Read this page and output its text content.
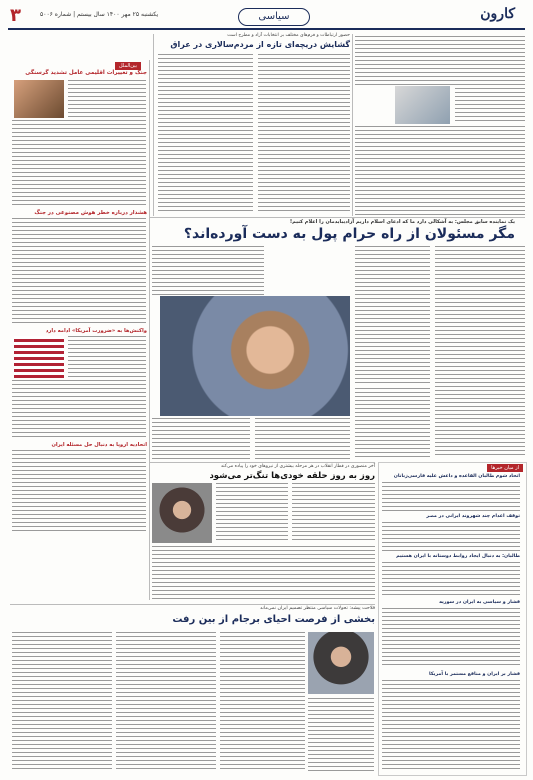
۳	یکشنبه ۲۵ مهر ۱۴۰۰ سال بیستم | شماره ۵۰۰۶	سیاسی	کارون
حضور ارتباطات و فرم‌های مختلف بر انتخابات آزاد و مطرح است
گشایش دریچه‌ای تازه از مردم‌سالاری در عراق
بین‌الملل
جنگ و تغییرات اقلیمی عامل تشدید گرسنگی
هشدار درباره خطر هوش مصنوعی در جنگ
واکنش‌ها به «ضرورت آمریکا» ادامه دارد
اتحادیه اروپا به دنبال حل مسئله ایران
یک نماینده سابق مجلس: به آشکالی دارد ما که ادعای اسلام داریم آزادیبایدمان را اعلام کنیم!
مگر مسئولان از راه حرام پول به دست آورده‌اند؟
آخر منصوری در قطار انقلاب در هر مرحله بیشتری از نیروهای خود را پیاده می‌کند
روز به روز حلقه خودی‌ها تنگ‌تر می‌شود
از میان خبرها
اتحاد شوم طالبان القاعده و داعش علیه فارسی‌زبانان
توقف اعدام چند شهروند ایرانی در مصر
طالبان: به دنبال ایجاد روابط دوستانه با ایران هستیم
فشار و سیاسی به ایران در سوریه
فشار بر ایران و منافع مستمر با آمریکا
فلاحت پیشه: تحولات سیاسی منتظر تصمیم ایران نمی‌ماند
بخشی از فرصت احیای برجام از بین رفت
